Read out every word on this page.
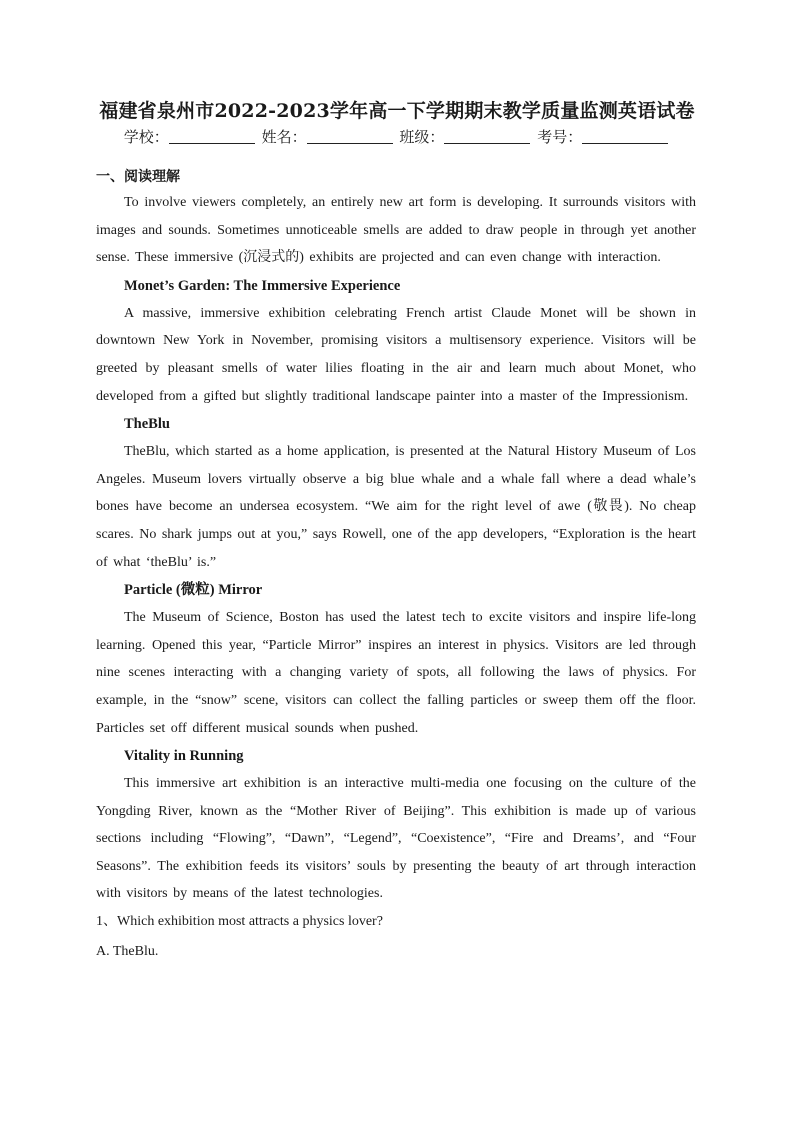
福建省泉州市2022-2023学年高一下学期期末教学质量监测英语试卷
学校：	姓名：	班级：	考号：
一、阅读理解

To involve viewers completely, an entirely new art form is developing. It surrounds visitors with images and sounds. Sometimes unnoticeable smells are added to draw people in through yet another sense. These immersive (沉浸式的) exhibits are projected and can even change with interaction.

Monet’s Garden: The Immersive Experience

A massive, immersive exhibition celebrating French artist Claude Monet will be shown in downtown New York in November, promising visitors a multisensory experience. Visitors will be greeted by pleasant smells of water lilies floating in the air and learn much about Monet, who developed from a gifted but slightly traditional landscape painter into a master of the Impressionism.

TheBlu

TheBlu, which started as a home application, is presented at the Natural History Museum of Los Angeles. Museum lovers virtually observe a big blue whale and a whale fall where a dead whale’s bones have become an undersea ecosystem. “We aim for the right level of awe (敬畏). No cheap scares. No shark jumps out at you,” says Rowell, one of the app developers, “Exploration is the heart of what ‘theBlu’ is.”

Particle (微粒) Mirror

The Museum of Science, Boston has used the latest tech to excite visitors and inspire life-long learning. Opened this year, “Particle Mirror” inspires an interest in physics. Visitors are led through nine scenes interacting with a changing variety of spots, all following the laws of physics. For example, in the “snow” scene, visitors can collect the falling particles or sweep them off the floor. Particles set off different musical sounds when pushed.

Vitality in Running

This immersive art exhibition is an interactive multi-media one focusing on the culture of the Yongding River, known as the “Mother River of Beijing”. This exhibition is made up of various sections including “Flowing”, “Dawn”, “Legend”, “Coexistence”, “Fire and Dreams’, and “Four Seasons”. The exhibition feeds its visitors’ souls by presenting the beauty of art through interaction with visitors by means of the latest technologies.

1、Which exhibition most attracts a physics lover?
A. TheBlu.
